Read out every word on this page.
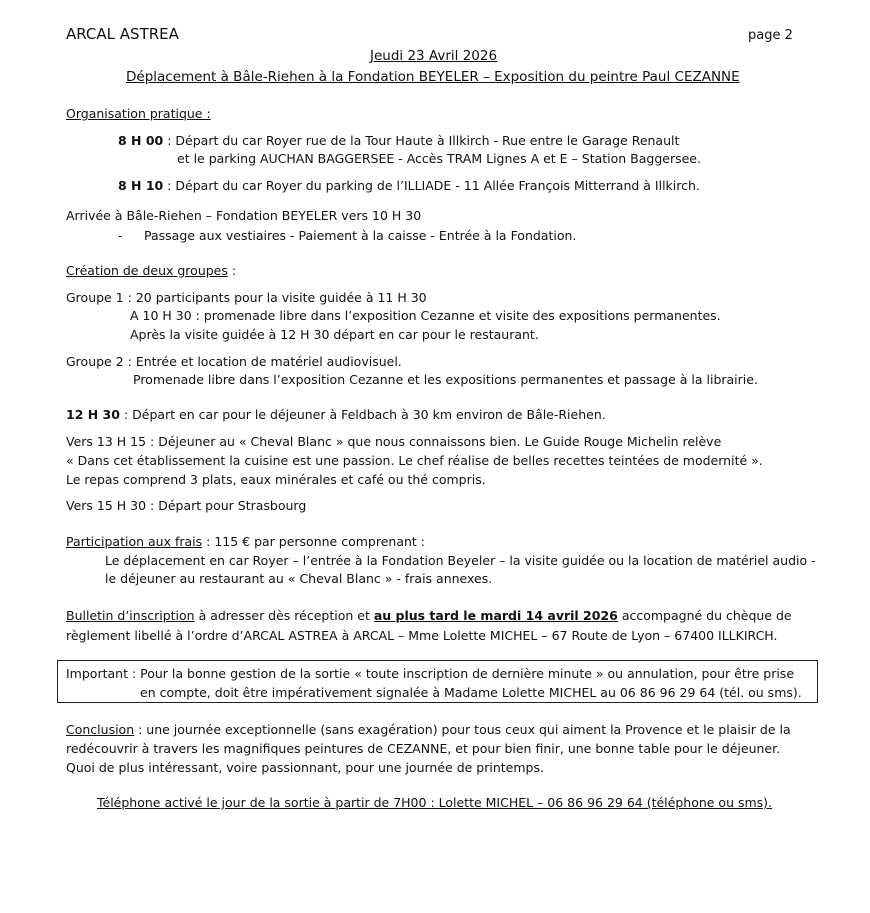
ARCAL ASTREA	page 2
Jeudi 23 Avril 2026
Déplacement à Bâle-Riehen à la Fondation BEYELER – Exposition du peintre Paul CEZANNE
Organisation pratique :
8 H 00 : Départ du car Royer rue de la Tour Haute à Illkirch - Rue entre le Garage Renault
et le parking AUCHAN BAGGERSEE - Accès TRAM Lignes A et E – Station Baggersee.
8 H 10 : Départ du car Royer du parking de l’ILLIADE - 11 Allée François Mitterrand à Illkirch.
Arrivée à Bâle-Riehen – Fondation BEYELER vers 10 H 30
- Passage aux vestiaires - Paiement à la caisse - Entrée à la Fondation.
Création de deux groupes :
Groupe 1 : 20 participants pour la visite guidée à 11 H 30
A 10 H 30 : promenade libre dans l’exposition Cezanne et visite des expositions permanentes.
Après la visite guidée à 12 H 30 départ en car pour le restaurant.
Groupe 2 : Entrée et location de matériel audiovisuel.
Promenade libre dans l’exposition Cezanne et les expositions permanentes et passage à la librairie.
12 H 30 : Départ en car pour le déjeuner à Feldbach à 30 km environ de Bâle-Riehen.
Vers 13 H 15 : Déjeuner au « Cheval Blanc » que nous connaissons bien. Le Guide Rouge Michelin relève
« Dans cet établissement la cuisine est une passion. Le chef réalise de belles recettes teintées de modernité ».
Le repas comprend 3 plats, eaux minérales et café ou thé compris.
Vers 15 H 30 : Départ pour Strasbourg
Participation aux frais : 115 € par personne comprenant :
Le déplacement en car Royer – l’entrée à la Fondation Beyeler – la visite guidée ou la location de matériel audio -
le déjeuner au restaurant au « Cheval Blanc » - frais annexes.
Bulletin d’inscription à adresser dès réception et au plus tard le mardi 14 avril 2026 accompagné du chèque de
règlement libellé à l’ordre d’ARCAL ASTREA à ARCAL – Mme Lolette MICHEL – 67 Route de Lyon – 67400 ILLKIRCH.
Important : Pour la bonne gestion de la sortie « toute inscription de dernière minute » ou annulation, pour être prise
en compte, doit être impérativement signalée à Madame Lolette MICHEL au 06 86 96 29 64 (tél. ou sms).
Conclusion : une journée exceptionnelle (sans exagération) pour tous ceux qui aiment la Provence et le plaisir de la
redécouvrir à travers les magnifiques peintures de CEZANNE, et pour bien finir, une bonne table pour le déjeuner.
Quoi de plus intéressant, voire passionnant, pour une journée de printemps.
Téléphone activé le jour de la sortie à partir de 7H00 : Lolette MICHEL – 06 86 96 29 64 (téléphone ou sms).
